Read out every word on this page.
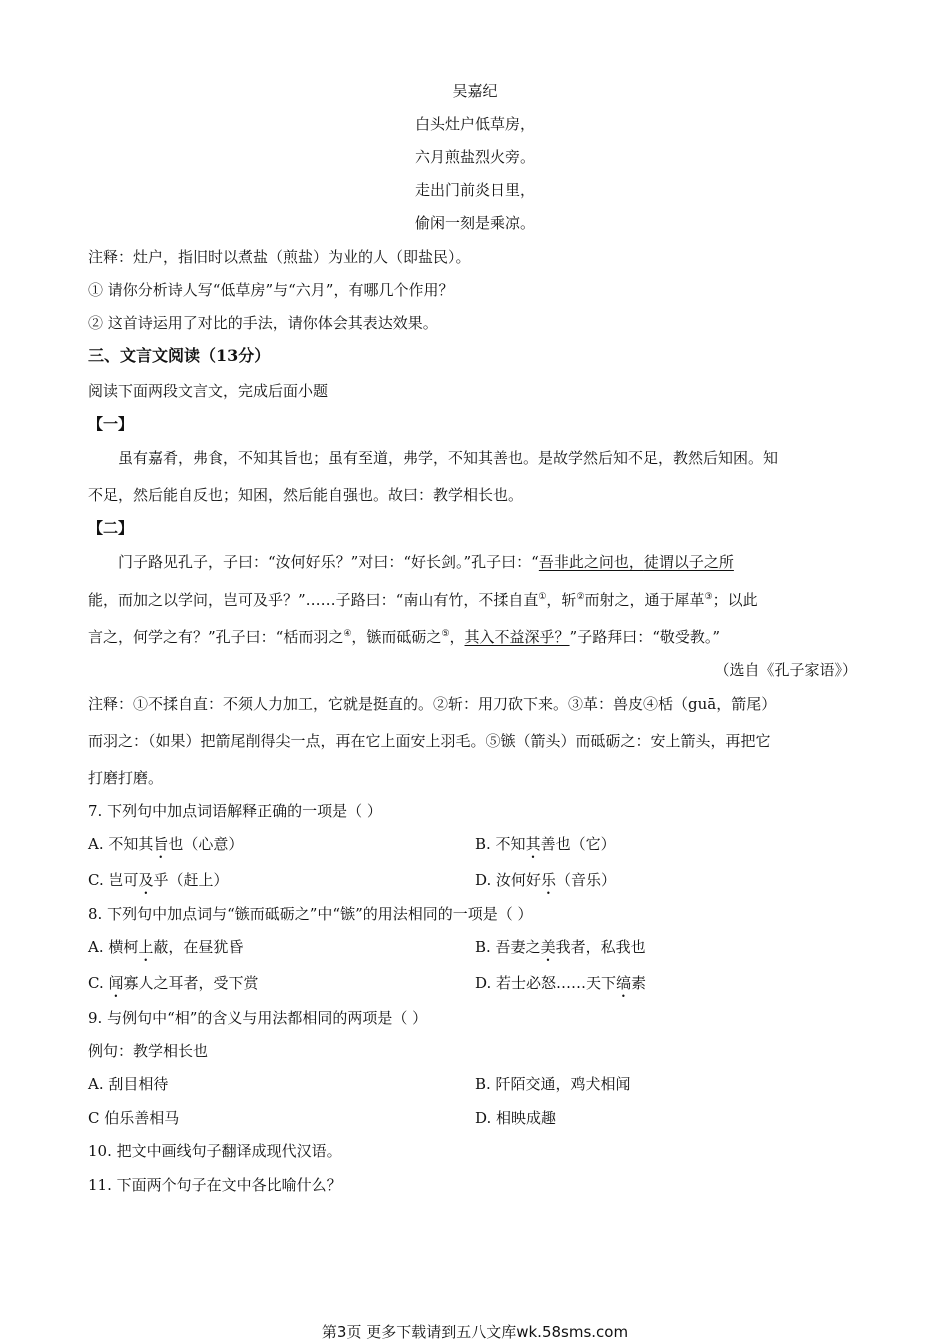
吴嘉纪
白头灶户低草房，
六月煎盐烈火旁。
走出门前炎日里，
偷闲一刻是乘凉。
注释：灶户，指旧时以煮盐（煎盐）为业的人（即盐民）。
① 请你分析诗人写“低草房”与“六月”，有哪几个作用？
② 这首诗运用了对比的手法，请你体会其表达效果。
三、文言文阅读（13分）
阅读下面两段文言文，完成后面小题
【一】
虽有嘉肴，弗食，不知其旨也；虽有至道，弗学，不知其善也。是故学然后知不足，教然后知困。知
不足，然后能自反也；知困，然后能自强也。故曰：教学相长也。
【二】
门子路见孔子，子曰：“汝何好乐？”对曰：“好长剑。”孔子曰：“吾非此之问也，徒谓以子之所
能，而加之以学问，岂可及乎？”……子路曰：“南山有竹，不揉自直①，斩②而射之，通于犀革③；以此
言之，何学之有？”孔子曰：“栝而羽之④，镞而砥砺之⑤，其入不益深乎？”子路拜曰：“敬受教。”
（选自《孔子家语》）
注释：①不揉自直：不须人力加工，它就是挺直的。②斩：用刀砍下来。③革：兽皮④栝（guā，箭尾）
而羽之：（如果）把箭尾削得尖一点，再在它上面安上羽毛。⑤镞（箭头）而砥砺之：安上箭头，再把它
打磨打磨。
7. 下列句中加点词语解释正确的一项是（ ）
A. 不知其旨也（心意）	B. 不知其善也（它）
C. 岂可及乎（赶上）	D. 汝何好乐（音乐）
8. 下列句中加点词与“镞而砥砺之”中“镞”的用法相同的一项是（ ）
A. 横柯上蔽，在昼犹昏	B. 吾妻之美我者，私我也
C. 闻寡人之耳者，受下赏	D. 若士必怒……天下缟素
9. 与例句中“相”的含义与用法都相同的两项是（ ）
例句：教学相长也
A. 刮目相待	B. 阡陌交通，鸡犬相闻
C 伯乐善相马	D. 相映成趣
10. 把文中画线句子翻译成现代汉语。
11. 下面两个句子在文中各比喻什么？
第3页 更多下载请到五八文库wk.58sms.com
